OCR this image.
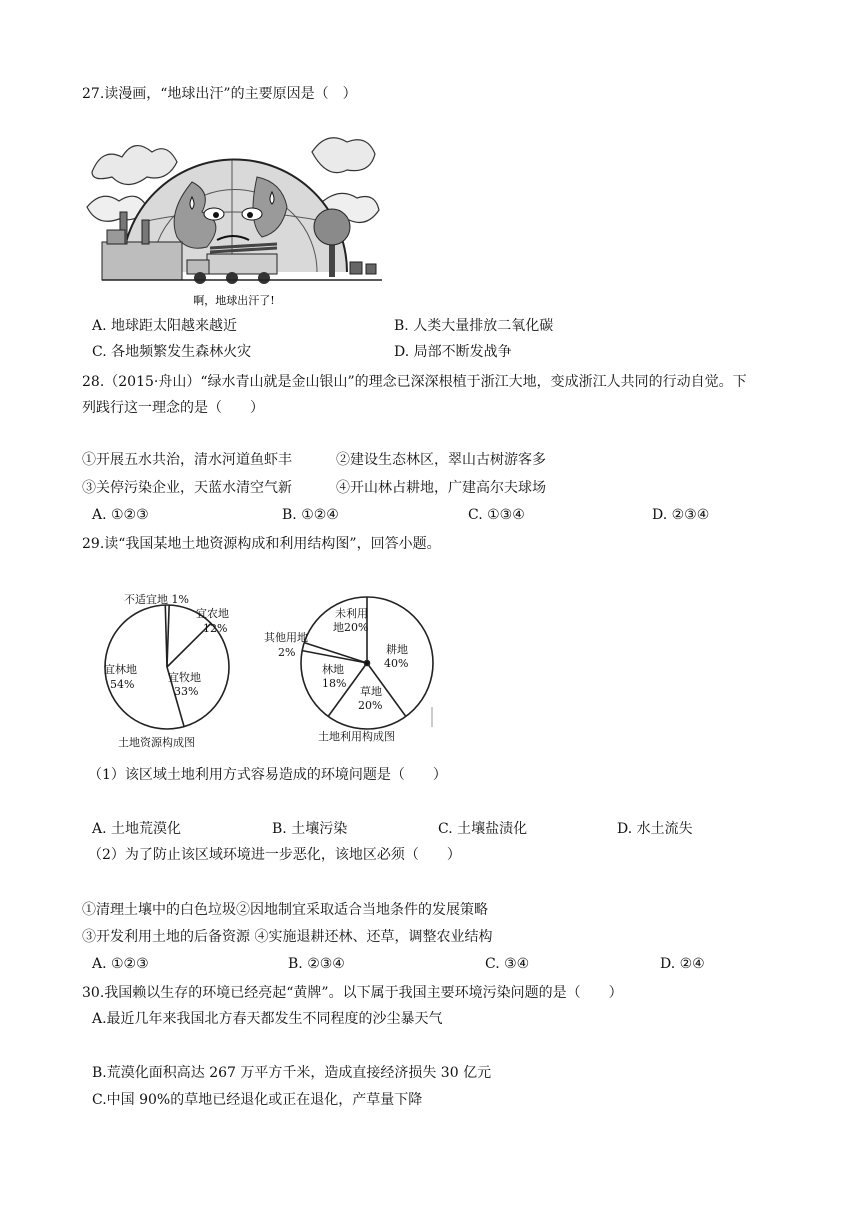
27.读漫画，“地球出汗”的主要原因是（　）
啊，地球出汗了!
A. 地球距太阳越来越近	B. 人类大量排放二氧化碳
C. 各地频繁发生森林火灾	D. 局部不断发战争
28.（2015·舟山）“绿水青山就是金山银山”的理念已深深根植于浙江大地，变成浙江人共同的行动自觉。下
列践行这一理念的是（　　）
①开展五水共治，清水河道鱼虾丰	②建设生态林区，翠山古树游客多
③关停污染企业，天蓝水清空气新	④开山林占耕地，广建高尔夫球场
A. ①②③	B. ①②④	C. ①③④	D. ②③④
29.读“我国某地土地资源构成和利用结构图”，回答小题。
不适宜地 1%
宜农地
12%
宜牧地
33%
宜林地
54%
土地资源构成图
未利用
地20%
耕地
40%
其他用地
2%
林地
18%
草地
20%
土地利用构成图
（1）该区域土地利用方式容易造成的环境问题是（　　）
A. 土地荒漠化	B. 土壤污染	C. 土壤盐渍化	D. 水土流失
（2）为了防止该区域环境进一步恶化，该地区必须（　　）
①清理土壤中的白色垃圾②因地制宜采取适合当地条件的发展策略
③开发利用土地的后备资源 ④实施退耕还林、还草，调整农业结构
A. ①②③	B. ②③④	C. ③④	D. ②④
30.我国赖以生存的环境已经亮起“黄牌”。以下属于我国主要环境污染问题的是（　　）
A.最近几年来我国北方春天都发生不同程度的沙尘暴天气
B.荒漠化面积高达 267 万平方千米，造成直接经济损失 30 亿元
C.中国 90%的草地已经退化或正在退化，产草量下降
